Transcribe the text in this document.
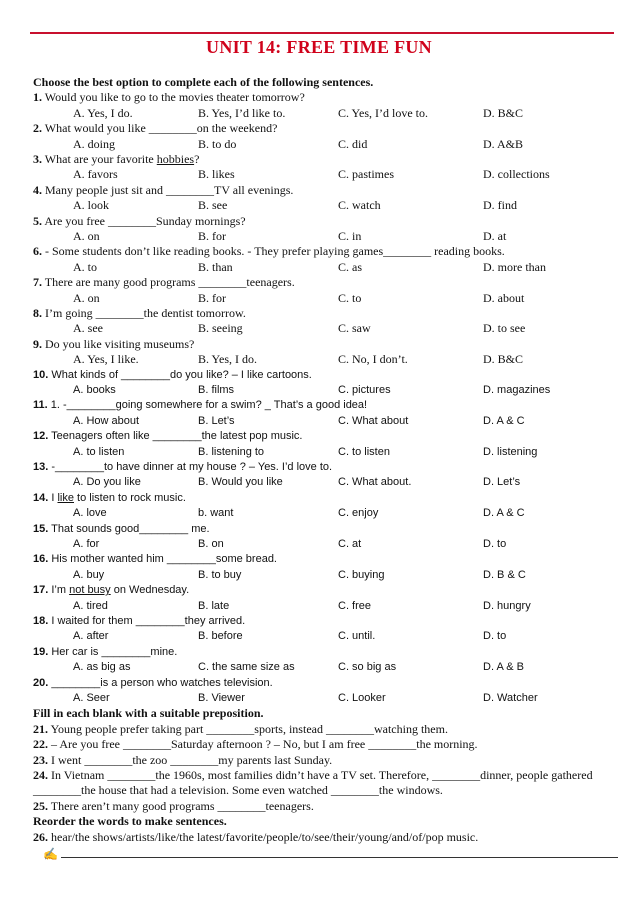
UNIT 14: FREE TIME FUN
Choose the best option to complete each of the following sentences.
1. Would you like to go to the movies theater tomorrow?
A. Yes, I do.	B. Yes, I’d like to.	C. Yes, I’d love to.	D. B&C
2. What would you like ________on the weekend?
A. doing	B. to do	C. did	D. A&B
3. What are your favorite hobbies?
A. favors	B. likes	C. pastimes	D. collections
4. Many people just sit and ________TV all evenings.
A. look	B. see	C. watch	D. find
5. Are you free ________Sunday mornings?
A. on	B. for	C. in	D. at
6. - Some students don’t like reading books. - They prefer playing games________ reading books.
A. to	B. than	C. as	D. more than
7. There are many good programs ________teenagers.
A. on	B. for	C. to	D. about
8. I’m going ________the dentist tomorrow.
A. see	B. seeing	C. saw	D. to see
9. Do you like visiting museums?
A. Yes, I like.	B. Yes, I do.	C. No, I don’t.	D. B&C
10. What kinds of ________do you like? – I like cartoons.
A. books	B. films	C. pictures	D. magazines
11. 1. -________going somewhere for a swim? _ That’s a good idea!
A. How about	B. Let’s	C. What about	D. A & C
12. Teenagers often like ________the latest pop music.
A. to listen	B. listening to	C. to listen	D. listening
13. -________to have dinner at my house ? – Yes. I’d love to.
A. Do you like	B. Would you like	C. What about.	D. Let’s
14. I like to listen to rock music.
A. love	b. want	C. enjoy	D. A & C
15. That sounds good________ me.
A. for	B. on	C. at	D. to
16. His mother wanted him ________some bread.
A. buy	B. to buy	C. buying	D. B & C
17. I’m not busy on Wednesday.
A. tired	B. late	C. free	D. hungry
18. I waited for them ________they arrived.
A. after	B. before	C. until.	D. to
19. Her car is ________mine.
A. as big as	C. the same size as	C. so big as	D. A & B
20. ________is a person who watches television.
A. Seer	B. Viewer	C. Looker	D. Watcher
Fill in each blank with a suitable preposition.
21. Young people prefer taking part ________sports, instead ________watching them.
22. – Are you free ________Saturday afternoon ? – No, but I am free ________the morning.
23. I went ________the zoo ________my parents last Sunday.
24. In Vietnam ________the 1960s, most families didn’t have a TV set. Therefore, ________dinner, people gathered ________the house that had a television. Some even watched ________the windows.
25. There aren’t many good programs ________teenagers.
Reorder the words to make sentences.
26. hear/the shows/artists/like/the latest/favorite/people/to/see/their/young/and/of/pop music.
✍
